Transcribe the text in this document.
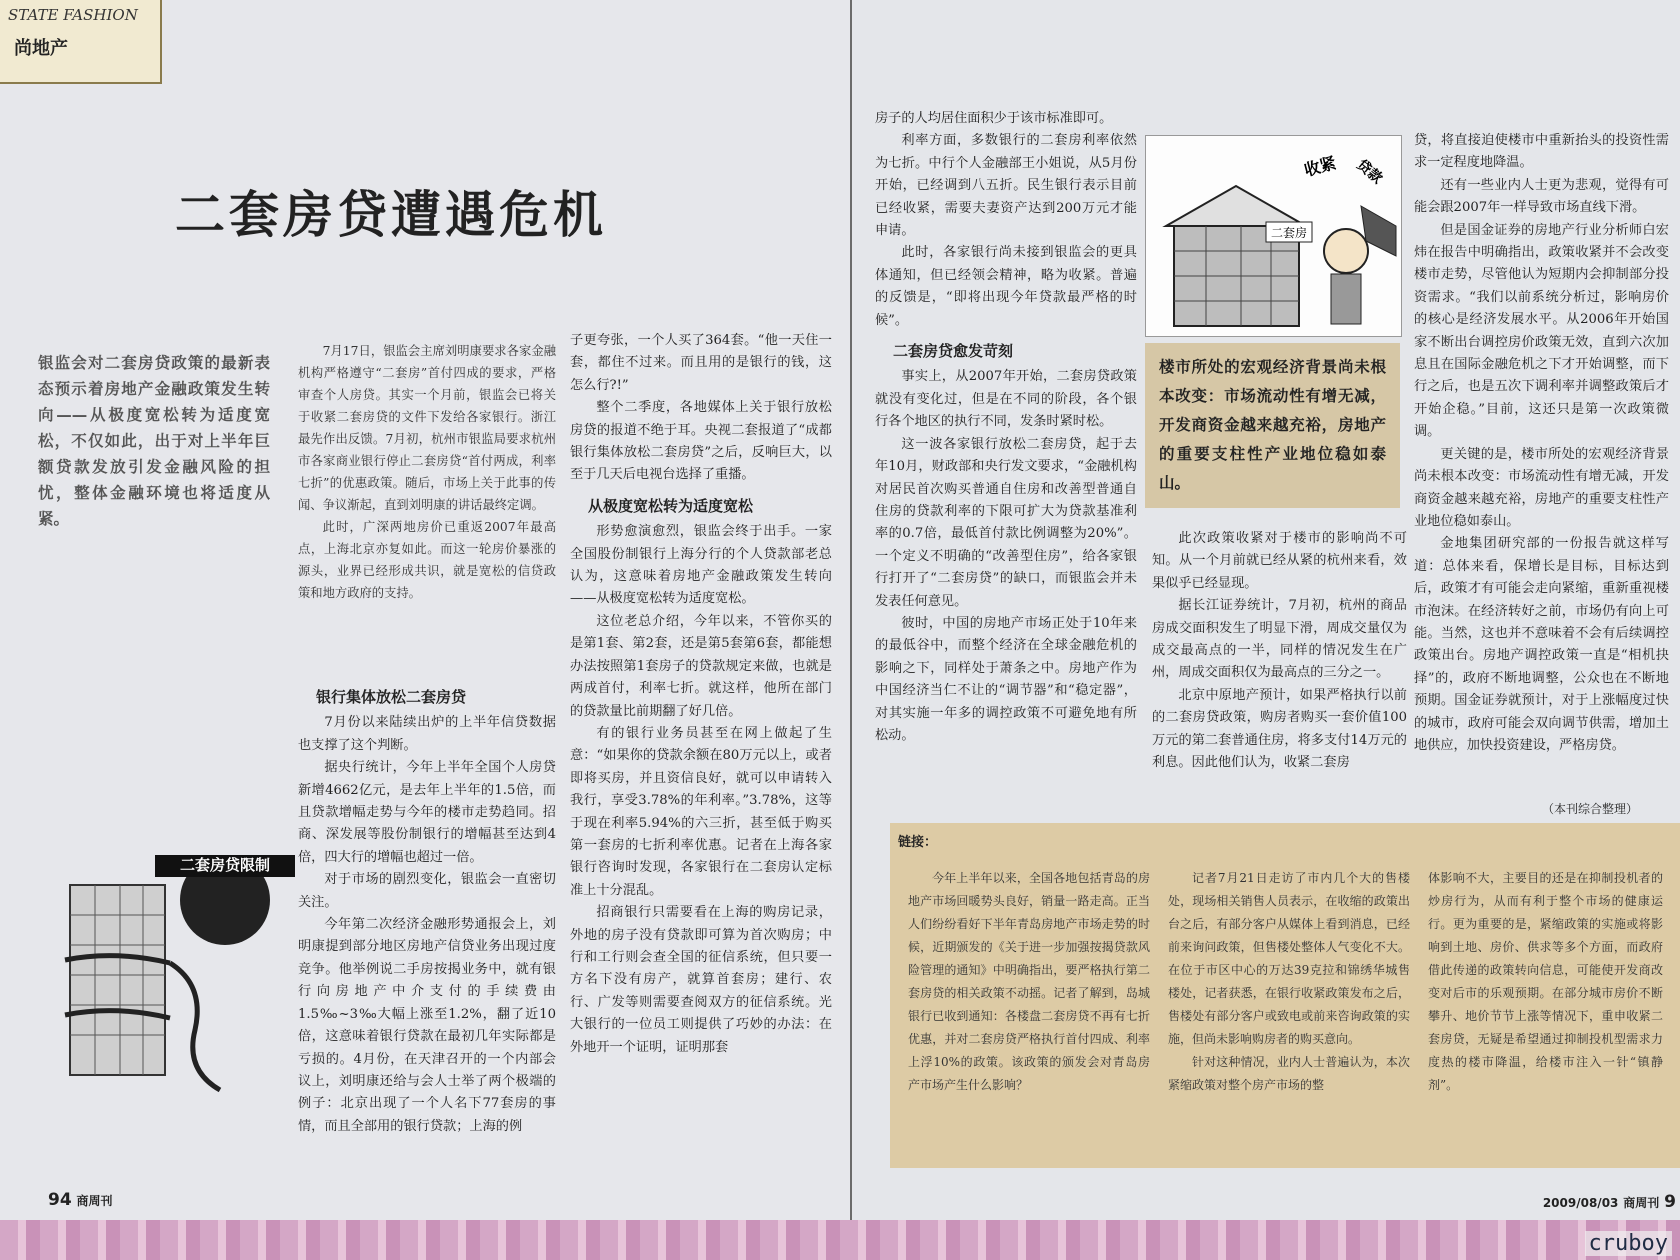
STATE FASHION
尚地产
二套房贷遭遇危机
银监会对二套房贷政策的最新表态预示着房地产金融政策发生转向——从极度宽松转为适度宽松，不仅如此，出于对上半年巨额贷款发放引发金融风险的担忧，整体金融环境也将适度从紧。

7月17日，银监会主席刘明康要求各家金融机构严格遵守“二套房”首付四成的要求，严格审查个人房贷。其实一个月前，银监会已将关于收紧二套房贷的文件下发给各家银行。浙江最先作出反馈。7月初，杭州市银监局要求杭州市各家商业银行停止二套房贷“首付两成，利率七折”的优惠政策。随后，市场上关于此事的传闻、争议渐起，直到刘明康的讲话最终定调。

此时，广深两地房价已重返2007年最高点，上海北京亦复如此。而这一轮房价暴涨的源头，业界已经形成共识，就是宽松的信贷政策和地方政府的支持。

银行集体放松二套房贷

7月份以来陆续出炉的上半年信贷数据也支撑了这个判断。

据央行统计，今年上半年全国个人房贷新增4662亿元，是去年上半年的1.5倍，而且贷款增幅走势与今年的楼市走势趋同。招商、深发展等股份制银行的增幅甚至达到4倍，四大行的增幅也超过一倍。

对于市场的剧烈变化，银监会一直密切关注。

今年第二次经济金融形势通报会上，刘明康提到部分地区房地产信贷业务出现过度竞争。他举例说二手房按揭业务中，就有银行向房地产中介支付的手续费由1.5‰~3‰大幅上涨至1.2%，翻了近10倍，这意味着银行贷款在最初几年实际都是亏损的。4月份，在天津召开的一个内部会议上，刘明康还给与会人士举了两个极端的例子：北京出现了一个人名下77套房的事情，而且全部用的银行贷款；上海的例

子更夸张，一个人买了364套。“他一天住一套，都住不过来。而且用的是银行的钱，这怎么行?!”

整个二季度，各地媒体上关于银行放松房贷的报道不绝于耳。央视二套报道了“成都银行集体放松二套房贷”之后，反响巨大，以至于几天后电视台选择了重播。

从极度宽松转为适度宽松

形势愈演愈烈，银监会终于出手。一家全国股份制银行上海分行的个人贷款部老总认为，这意味着房地产金融政策发生转向——从极度宽松转为适度宽松。

这位老总介绍，今年以来，不管你买的是第1套、第2套，还是第5套第6套，都能想办法按照第1套房子的贷款规定来做，也就是两成首付，利率七折。就这样，他所在部门的贷款量比前期翻了好几倍。

有的银行业务员甚至在网上做起了生意：“如果你的贷款余额在80万元以上，或者即将买房，并且资信良好，就可以申请转入我行，享受3.78%的年利率。”3.78%，这等于现在利率5.94%的六三折，甚至低于购买第一套房的七折利率优惠。记者在上海各家银行咨询时发现，各家银行在二套房认定标准上十分混乱。

招商银行只需要看在上海的购房记录，外地的房子没有贷款即可算为首次购房；中行和工行则会查全国的征信系统，但只要一方名下没有房产，就算首套房；建行、农行、广发等则需要查阅双方的征信系统。光大银行的一位员工则提供了巧妙的办法：在外地开一个证明，证明那套

二套房贷限制
94 商周刊

房子的人均居住面积少于该市标准即可。

利率方面，多数银行的二套房利率依然为七折。中行个人金融部王小姐说，从5月份开始，已经调到八五折。民生银行表示目前已经收紧，需要夫妻资产达到200万元才能申请。

此时，各家银行尚未接到银监会的更具体通知，但已经领会精神，略为收紧。普遍的反馈是，“即将出现今年贷款最严格的时候”。

二套房贷愈发苛刻

事实上，从2007年开始，二套房贷政策就没有变化过，但是在不同的阶段，各个银行各个地区的执行不同，发条时紧时松。

这一波各家银行放松二套房贷，起于去年10月，财政部和央行发文要求，“金融机构对居民首次购买普通自住房和改善型普通自住房的贷款利率的下限可扩大为贷款基准利率的0.7倍，最低首付款比例调整为20%”。一个定义不明确的“改善型住房”，给各家银行打开了“二套房贷”的缺口，而银监会并未发表任何意见。

彼时，中国的房地产市场正处于10年来的最低谷中，而整个经济在全球金融危机的影响之下，同样处于萧条之中。房地产作为中国经济当仁不让的“调节器”和“稳定器”，对其实施一年多的调控政策不可避免地有所松动。

二套房
收紧 贷款
楼市所处的宏观经济背景尚未根本改变：市场流动性有增无减，开发商资金越来越充裕，房地产的重要支柱性产业地位稳如泰山。

此次政策收紧对于楼市的影响尚不可知。从一个月前就已经从紧的杭州来看，效果似乎已经显现。

据长江证券统计，7月初，杭州的商品房成交面积发生了明显下滑，周成交量仅为成交最高点的一半，同样的情况发生在广州，周成交面积仅为最高点的三分之一。

北京中原地产预计，如果严格执行以前的二套房贷政策，购房者购买一套价值100万元的第二套普通住房，将多支付14万元的利息。因此他们认为，收紧二套房

贷，将直接迫使楼市中重新抬头的投资性需求一定程度地降温。

还有一些业内人士更为悲观，觉得有可能会跟2007年一样导致市场直线下滑。

但是国金证券的房地产行业分析师白宏炜在报告中明确指出，政策收紧并不会改变楼市走势，尽管他认为短期内会抑制部分投资需求。“我们以前系统分析过，影响房价的核心是经济发展水平。从2006年开始国家不断出台调控房价政策无效，直到六次加息且在国际金融危机之下才开始调整，而下行之后，也是五次下调利率并调整政策后才开始企稳。”目前，这还只是第一次政策微调。

更关键的是，楼市所处的宏观经济背景尚未根本改变：市场流动性有增无减，开发商资金越来越充裕，房地产的重要支柱性产业地位稳如泰山。

金地集团研究部的一份报告就这样写道：总体来看，保增长是目标，目标达到后，政策才有可能会走向紧缩，重新重视楼市泡沫。在经济转好之前，市场仍有向上可能。当然，这也并不意味着不会有后续调控政策出台。房地产调控政策一直是“相机抉择”的，政府不断地调整，公众也在不断地预期。国金证券就预计，对于上涨幅度过快的城市，政府可能会双向调节供需，增加土地供应，加快投资建设，严格房贷。

（本刊综合整理）
链接：

今年上半年以来，全国各地包括青岛的房地产市场回暖势头良好，销量一路走高。正当人们纷纷看好下半年青岛房地产市场走势的时候，近期颁发的《关于进一步加强按揭贷款风险管理的通知》中明确指出，要严格执行第二套房贷的相关政策不动摇。记者了解到，岛城银行已收到通知：各楼盘二套房贷不再有七折优惠，并对二套房贷严格执行首付四成、利率上浮10%的政策。该政策的颁发会对青岛房产市场产生什么影响？

记者7月21日走访了市内几个大的售楼处，现场相关销售人员表示，在收缩的政策出台之后，有部分客户从媒体上看到消息，已经前来询问政策，但售楼处整体人气变化不大。在位于市区中心的万达39克拉和锦绣华城售楼处，记者获悉，在银行收紧政策发布之后，售楼处有部分客户或致电或前来咨询政策的实施，但尚未影响购房者的购买意向。

针对这种情况，业内人士普遍认为，本次紧缩政策对整个房产市场的整

体影响不大，主要目的还是在抑制投机者的炒房行为，从而有利于整个市场的健康运行。更为重要的是，紧缩政策的实施或将影响到土地、房价、供求等多个方面，而政府借此传递的政策转向信息，可能使开发商改变对后市的乐观预期。在部分城市房价不断攀升、地价节节上涨等情况下，重申收紧二套房贷，无疑是希望通过抑制投机型需求力度热的楼市降温，给楼市注入一针“镇静剂”。

2009/08/03 商周刊 9
cruboy
